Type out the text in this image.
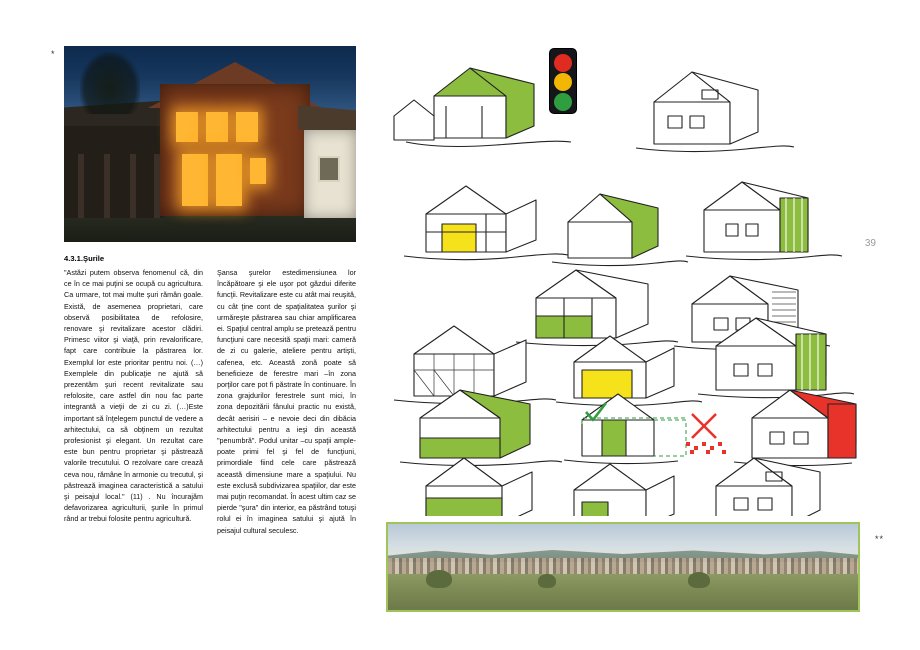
*
4.3.1.Şurile
"Astăzi putem observa fenomenul că, din ce în ce mai puţini se ocupă cu agricultura. Ca urmare, tot mai multe şuri rămân goale. Există, de asemenea proprietari, care observă posibilitatea de refolosire, renovare şi revitalizare acestor clădiri. Primesc viitor şi viaţă, prin revalorificare, fapt care contribuie la păstrarea lor. Exemplul lor este prioritar pentru noi. (…) Exemplele din publicaţie ne ajută să prezentăm şuri recent revitalizate sau refolosite, care astfel din nou fac parte integrantă a vieţii de zi cu zi. (…)Este important să înţelegem punctul de vedere a arhitectului, ca să obţinem un rezultat profesionist şi elegant. Un rezultat care este bun pentru proprietar şi păstrează valorile trecutului. O rezolvare care crează ceva nou, rămâne în armonie cu trecutul, şi păstrează imaginea caracteristică a satului şi peisajul local." (11) . Nu încurajăm defavorizarea agriculturii, şurile în primul rând ar trebui folosite pentru agricultură.
Şansa şurelor estedimensiunea lor încăpătoare şi ele uşor pot găzdui diferite funcţii. Revitalizare este cu atât mai reuşită, cu cât ţine cont de spaţialitatea şurilor şi urmăreşte păstrarea sau chiar amplificarea ei. Spaţiul central amplu se pretează pentru funcţiuni care necesită spaţii mari: cameră de zi cu galerie, ateliere pentru artişti, cafenea, etc. Această zonă poate să beneficieze de ferestre mari –în zona porţilor care pot fi păstrate în continuare. În zona grajdurilor ferestrele sunt mici, în zona depozitării fânului practic nu există, decât aerisiri – e nevoie deci din dibăcia arhitectului pentru a ieşi din această "penumbră". Podul unitar –cu spaţii ample- poate primi fel şi fel de funcţiuni, primordiale fiind cele care păstrează această dimensiune mare a spaţiului. Nu este exclusă subdivizarea spaţiilor, dar este mai puţin recomandat. În acest ultim caz se pierde "şura" din interior, ea păstrând totuşi rolul ei în imaginea satului şi ajută în peisajul cultural seculesc.
39
**
